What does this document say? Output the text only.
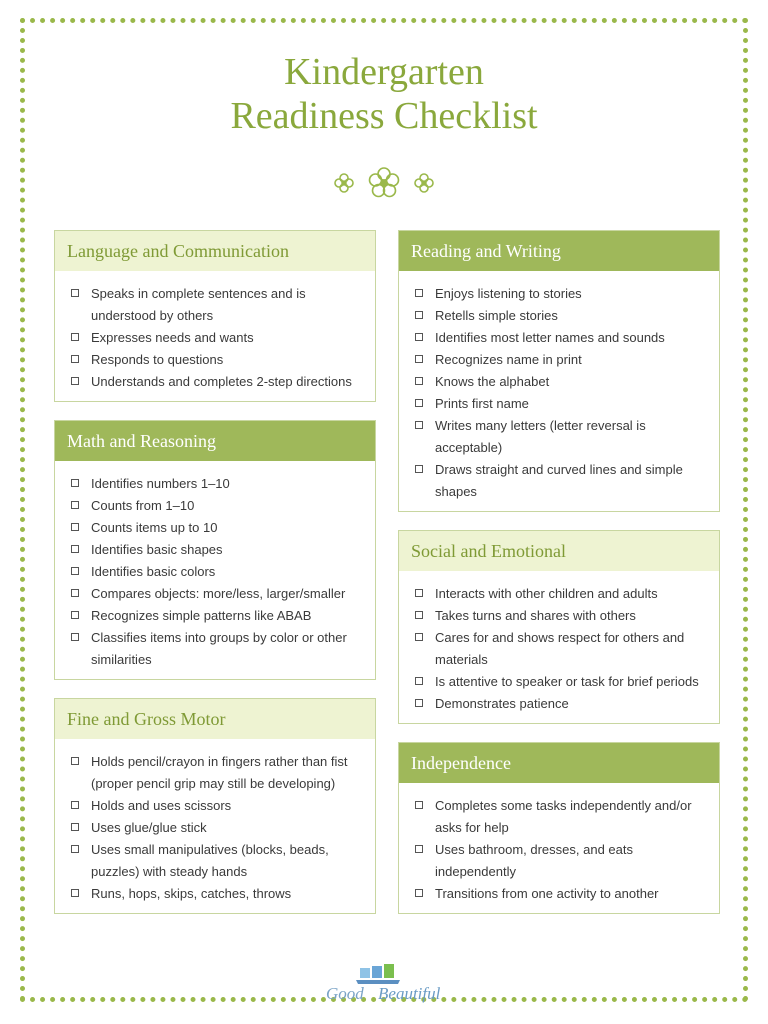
Kindergarten
Readiness Checklist
Language and Communication
Speaks in complete sentences and is understood by others
Expresses needs and wants
Responds to questions
Understands and completes 2-step directions
Math and Reasoning
Identifies numbers 1–10
Counts from 1–10
Counts items up to 10
Identifies basic shapes
Identifies basic colors
Compares objects: more/less, larger/smaller
Recognizes simple patterns like ABAB
Classifies items into groups by color or other similarities
Fine and Gross Motor
Holds pencil/crayon in fingers rather than fist (proper pencil grip may still be developing)
Holds and uses scissors
Uses glue/glue stick
Uses small manipulatives (blocks, beads, puzzles) with steady hands
Runs, hops, skips, catches, throws
Reading and Writing
Enjoys listening to stories
Retells simple stories
Identifies most letter names and sounds
Recognizes name in print
Knows the alphabet
Prints first name
Writes many letters (letter reversal is acceptable)
Draws straight and curved lines and simple shapes
Social and Emotional
Interacts with other children and adults
Takes turns and shares with others
Cares for and shows respect for others and materials
Is attentive to speaker or task for brief periods
Demonstrates patience
Independence
Completes some tasks independently and/or asks for help
Uses bathroom, dresses, and eats independently
Transitions from one activity to another
Good Beautiful
